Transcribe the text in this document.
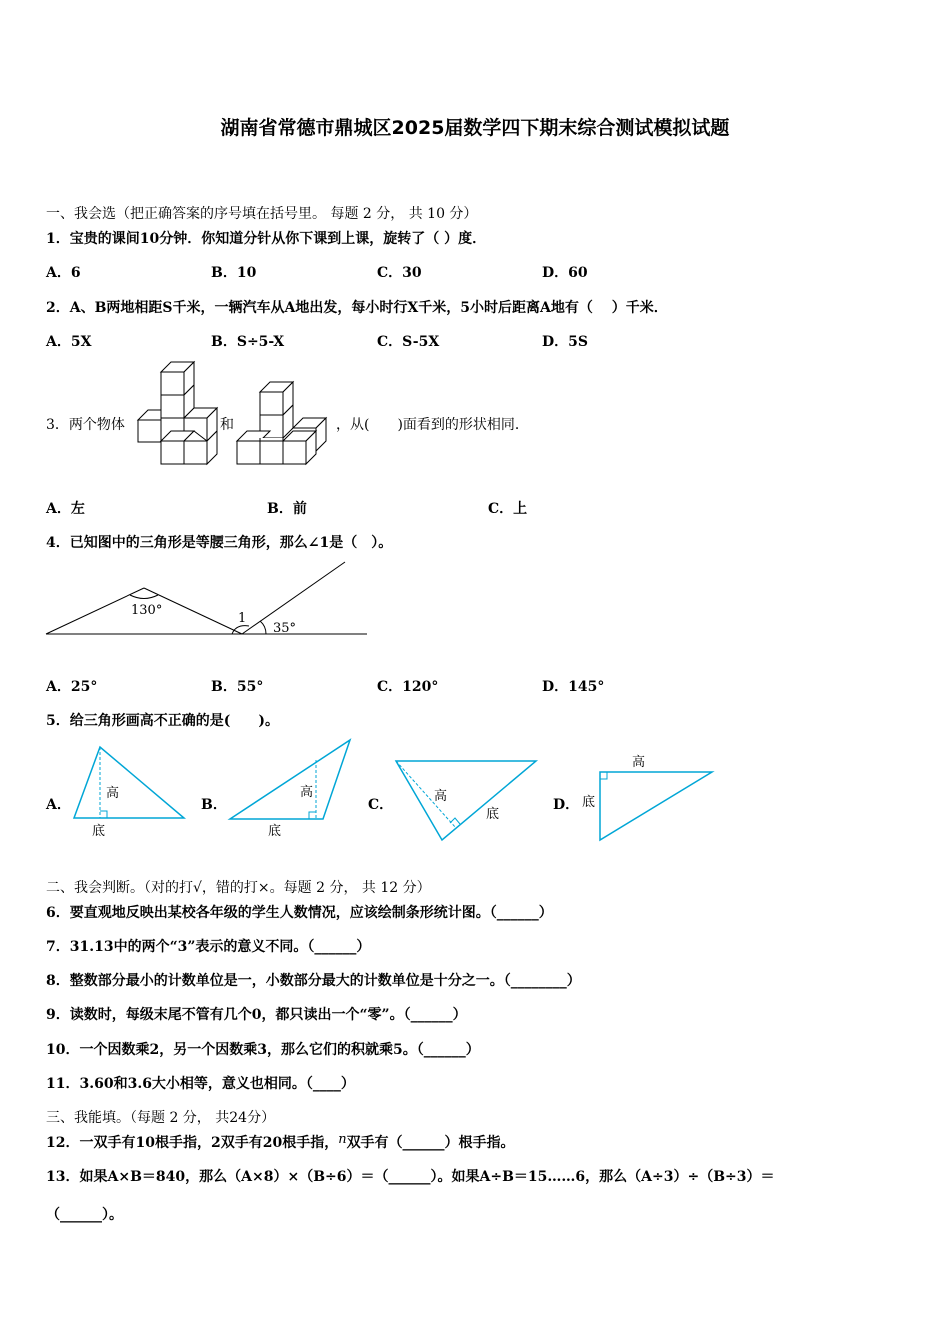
湖南省常德市鼎城区2025届数学四下期末综合测试模拟试题
一、我会选（把正确答案的序号填在括号里。 每题 2 分， 共 10 分）
1．宝贵的课间10分钟．你知道分针从你下课到上课，旋转了（ ）度．
A．6	B．10	C．30	D．60
2．A、B两地相距S千米，一辆汽车从A地出发，每小时行X千米，5小时后距离A地有（　 ）千米．
A．5X	B．S÷5-X	C．S-5X	D．5S
3．两个物体	和	，从(　　)面看到的形状相同．
A．左	B．前	C．上
4．已知图中的三角形是等腰三角形，那么∠1是（　）。
130°
1
35°
A．25°	B．55°	C．120°	D．145°
5．给三角形画高不正确的是(　　)。
A．
高
底
B．
高
底
C．
高
底
D．
高
底
二、我会判断。（对的打√，错的打×。每题 2 分， 共 12 分）
6．要直观地反映出某校各年级的学生人数情况，应该绘制条形统计图。（______）
7．31.13中的两个“3”表示的意义不同。（______）
8．整数部分最小的计数单位是一，小数部分最大的计数单位是十分之一。（________）
9．读数时，每级末尾不管有几个0，都只读出一个“零”。（______）
10．一个因数乘2，另一个因数乘3，那么它们的积就乘5。（______）
11．3.60和3.6大小相等，意义也相同。（____）
三、我能填。（每题 2 分， 共24分）
12．一双手有10根手指，2双手有20根手指，n双手有（______）根手指。
13．如果A×B＝840，那么（A×8）×（B÷6）＝（______）。如果A÷B＝15……6，那么（A÷3）÷（B÷3）＝
（______）。
